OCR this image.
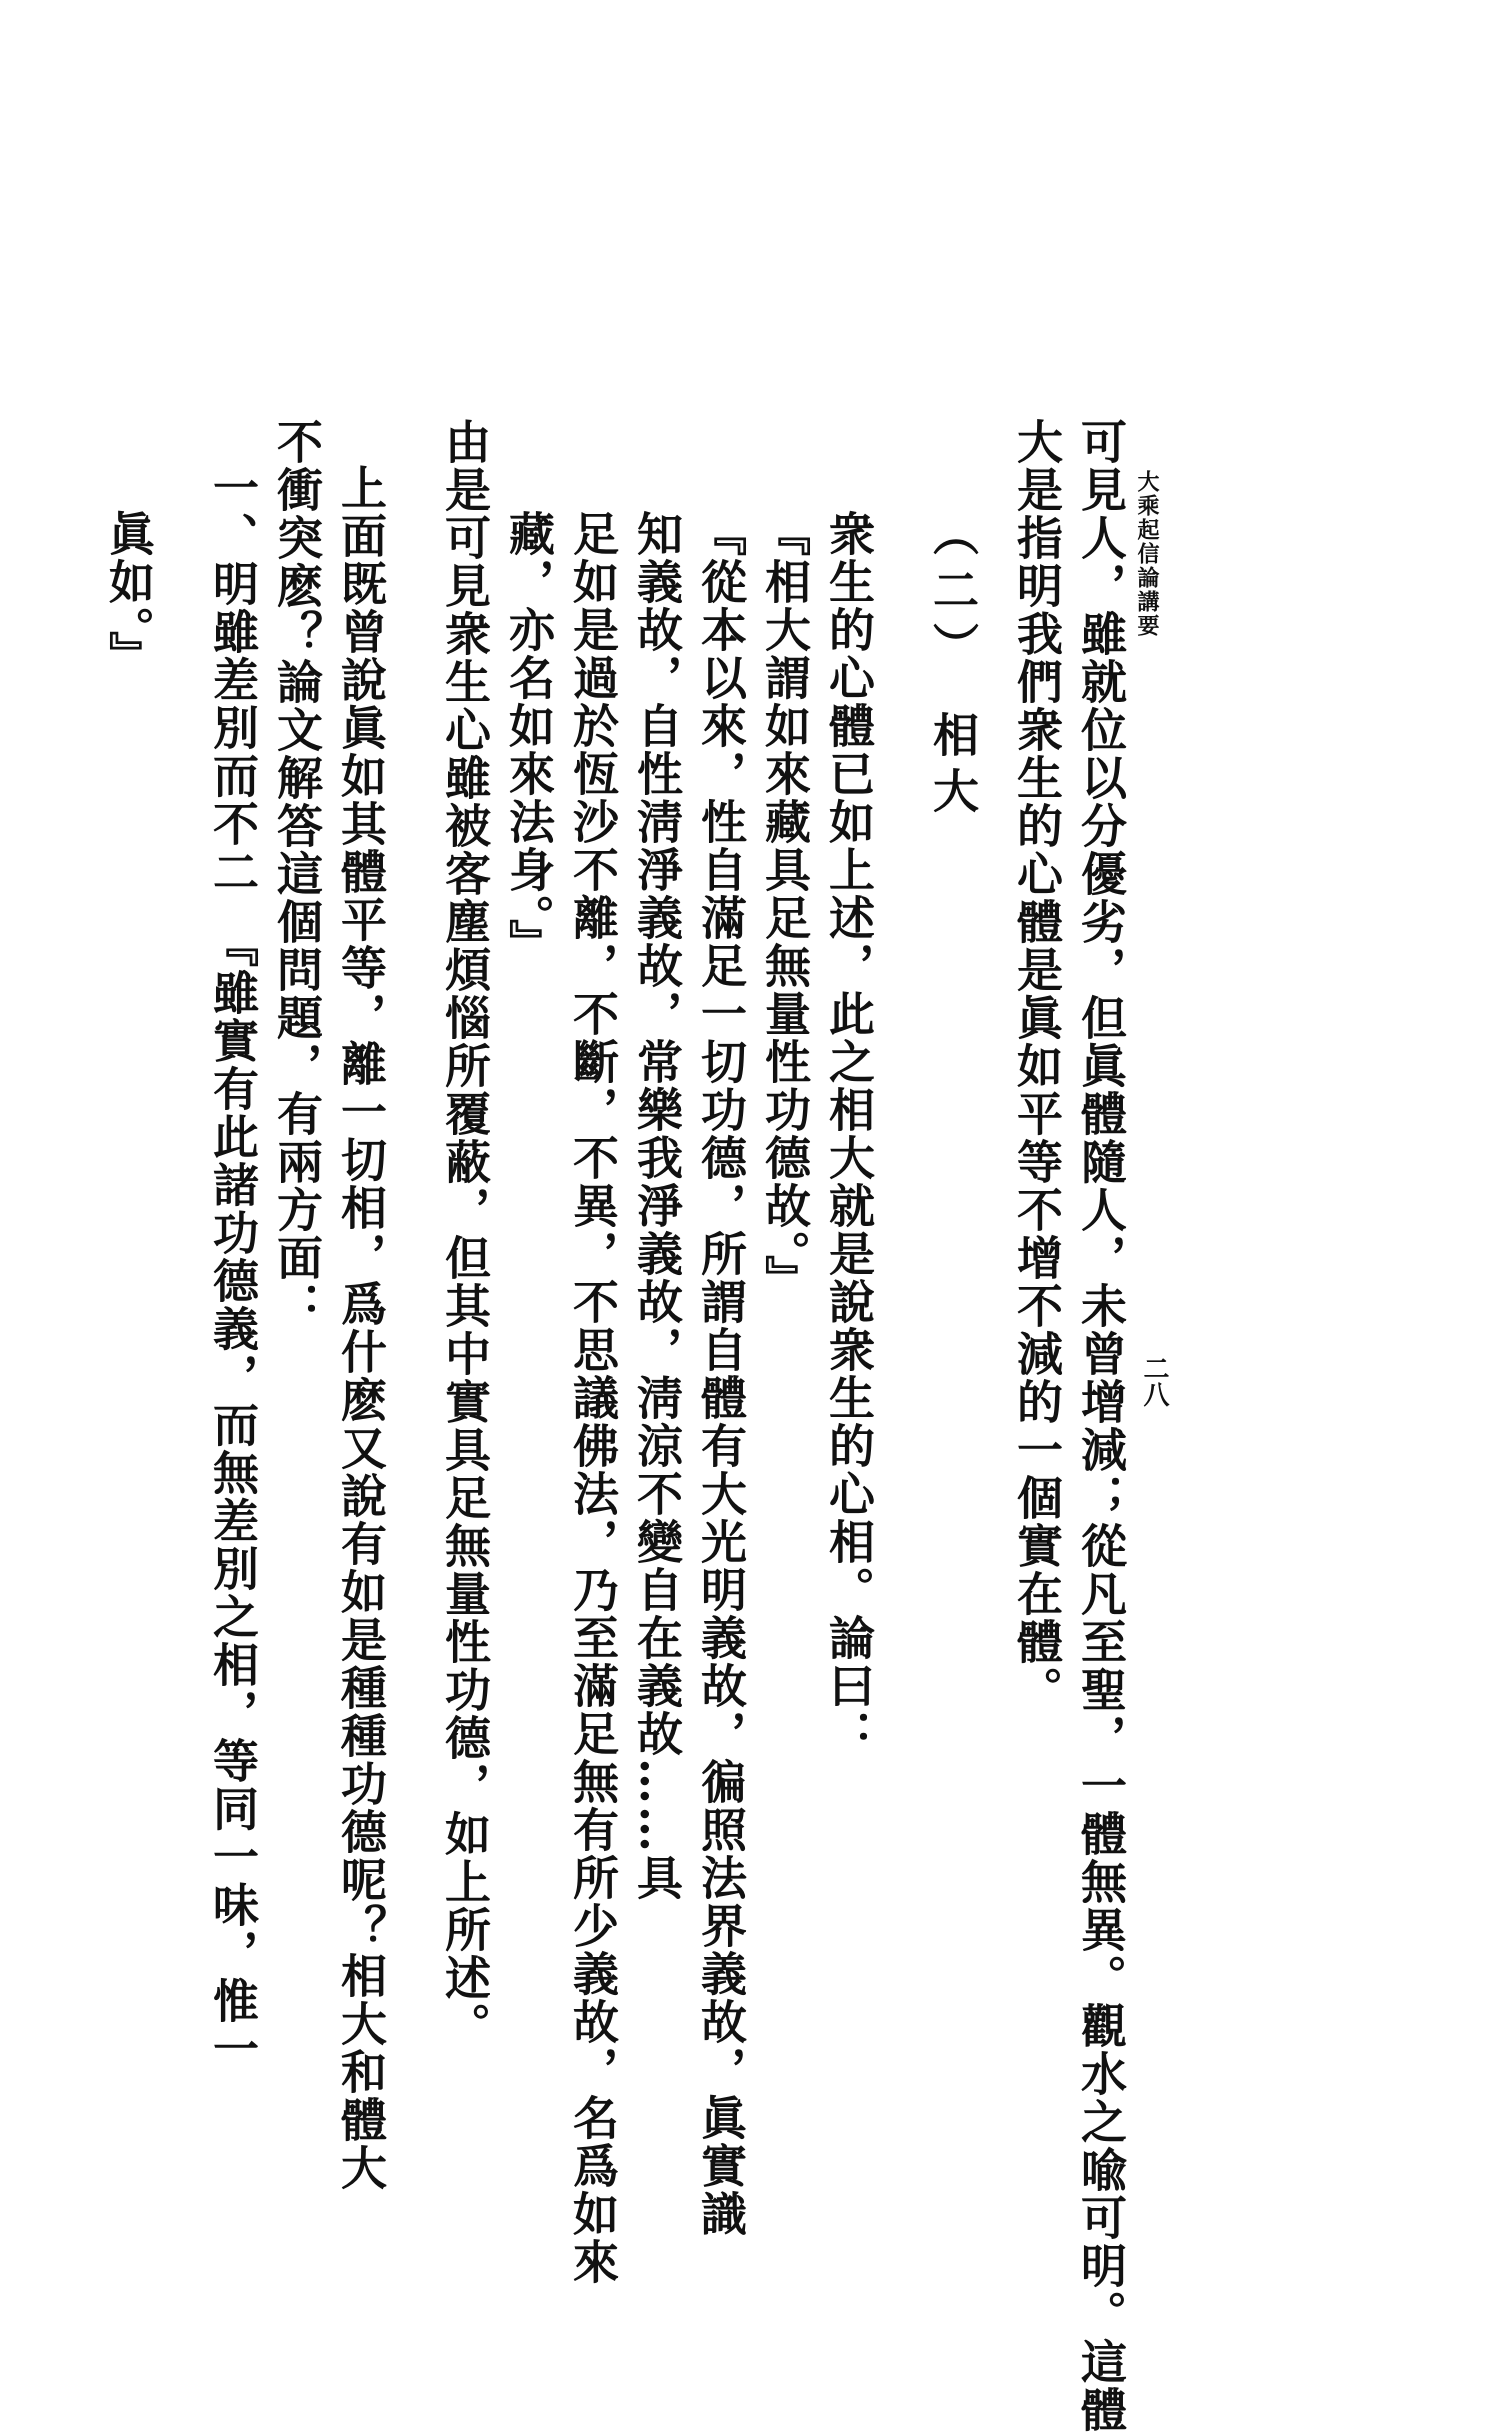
大乘起信論講要
二八

可見人，雖就位以分優劣，但眞體隨人，未曾增減；從凡至聖，一體無異。觀水之喩可明。這體

大是指明我們衆生的心體是眞如平等不增不減的一個實在體。

（二）　相大

衆生的心體已如上述，此之相大就是說衆生的心相。論曰：

『相大謂如來藏具足無量性功德故。』

『從本以來，性自滿足一切功德，所謂自體有大光明義故，徧照法界義故，眞實識

知義故，自性淸淨義故，常樂我淨義故，淸涼不變自在義故……具

足如是過於恆沙不離，不斷，不異，不思議佛法，乃至滿足無有所少義故，名爲如來

藏，亦名如來法身。』

由是可見衆生心雖被客塵煩惱所覆蔽，但其中實具足無量性功德，如上所述。

上面既曾說眞如其體平等，離一切相，爲什麽又說有如是種種功德呢？相大和體大

不衝突麽？論文解答這個問題，有兩方面：

一、明雖差別而不二　『雖實有此諸功德義，而無差別之相，等同一味，惟一

眞如。』
